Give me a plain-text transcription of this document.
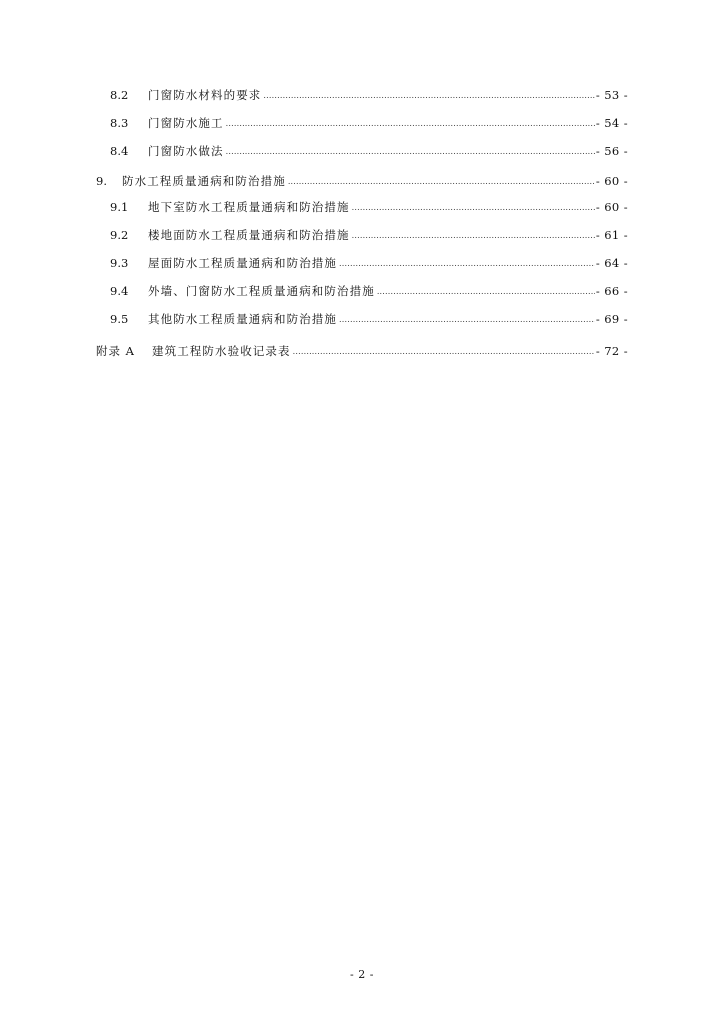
8.2	门窗防水材料的要求 .....	- 53 -
8.3	门窗防水施工 .....	- 54 -
8.4	门窗防水做法 .....	- 56 -
9.	防水工程质量通病和防治措施 .....	- 60 -
9.1	地下室防水工程质量通病和防治措施 .....	- 60 -
9.2	楼地面防水工程质量通病和防治措施 .....	- 61 -
9.3	屋面防水工程质量通病和防治措施 .....	- 64 -
9.4	外墙、门窗防水工程质量通病和防治措施 .....	- 66 -
9.5	其他防水工程质量通病和防治措施 .....	- 69 -
附录 A	建筑工程防水验收记录表 .....	- 72 -
- 2 -
